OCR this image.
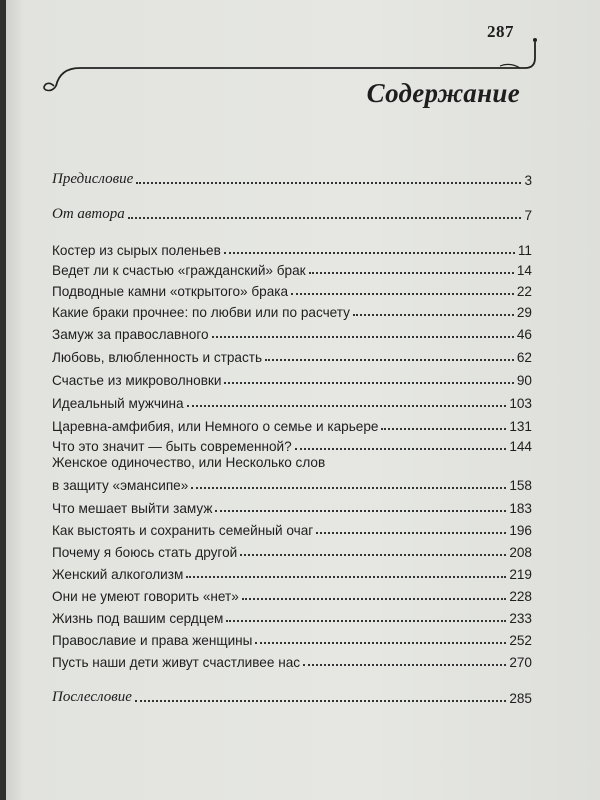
287
Содержание
Предисловие	3
От автора	7
Костер из сырых поленьев	11
Ведет ли к счастью «гражданский» брак	14
Подводные камни «открытого» брака	22
Какие браки прочнее: по любви или по расчету	29
Замуж за православного	46
Любовь, влюбленность и страсть	62
Счастье из микроволновки	90
Идеальный мужчина	103
Царевна-амфибия, или Немного о семье и карьере	131
Что это значит — быть современной?	144
Женское одиночество, или Несколько слов
в защиту «эмансипе»	158
Что мешает выйти замуж	183
Как выстоять и сохранить семейный очаг	196
Почему я боюсь стать другой	208
Женский алкоголизм	219
Они не умеют говорить «нет»	228
Жизнь под вашим сердцем	233
Православие и права женщины	252
Пусть наши дети живут счастливее нас	270
Послесловие	285
